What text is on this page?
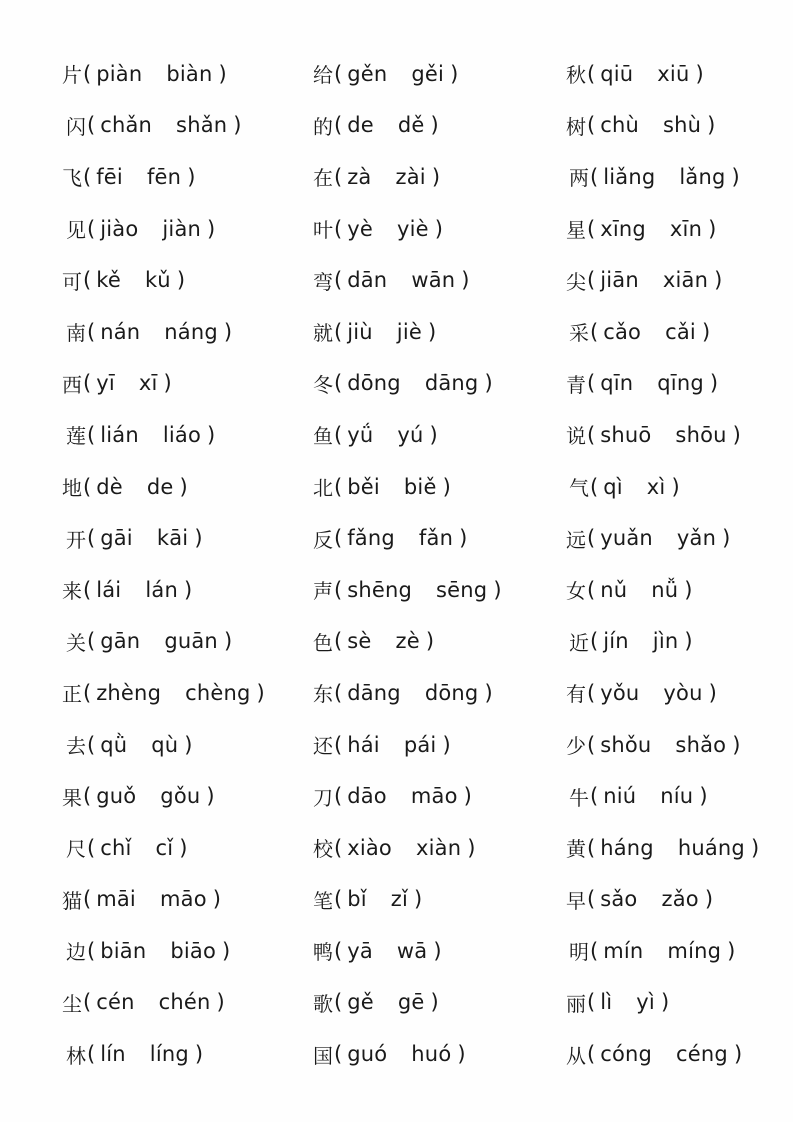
片 ( piàn biàn )
闪 ( chǎn shǎn )
飞 ( fēi fēn )
见 ( jiào jiàn )
可 ( kě kǔ )
南 ( nán náng )
西 ( yī xī )
莲 ( lián liáo )
地 ( dè de )
开 ( gāi kāi )
来 ( lái lán )
关 ( gān guān )
正 ( zhèng chèng )
去 ( qǜ qù )
果 ( guǒ gǒu )
尺 ( chǐ cǐ )
猫 ( māi māo )
边 ( biān biāo )
尘 ( cén chén )
林 ( lín líng )
给 ( gěn gěi )
的 ( de dě )
在 ( zà zài )
叶 ( yè yiè )
弯 ( dān wān )
就 ( jiù jiè )
冬 ( dōng dāng )
鱼 ( yǘ yú )
北 ( běi biě )
反 ( fǎng fǎn )
声 ( shēng sēng )
色 ( sè zè )
东 ( dāng dōng )
还 ( hái pái )
刀 ( dāo māo )
校 ( xiào xiàn )
笔 ( bǐ zǐ )
鸭 ( yā wā )
歌 ( gě gē )
国 ( guó huó )
秋 ( qiū xiū )
树 ( chù shù )
两 ( liǎng lǎng )
星 ( xīng xīn )
尖 ( jiān xiān )
采 ( cǎo cǎi )
青 ( qīn qīng )
说 ( shuō shōu )
气 ( qì xì )
远 ( yuǎn yǎn )
女 ( nǔ nǚ )
近 ( jín jìn )
有 ( yǒu yòu )
少 ( shǒu shǎo )
牛 ( niú níu )
黄 ( háng huáng )
早 ( sǎo zǎo )
明 ( mín míng )
丽 ( lì yì )
从 ( cóng céng )
